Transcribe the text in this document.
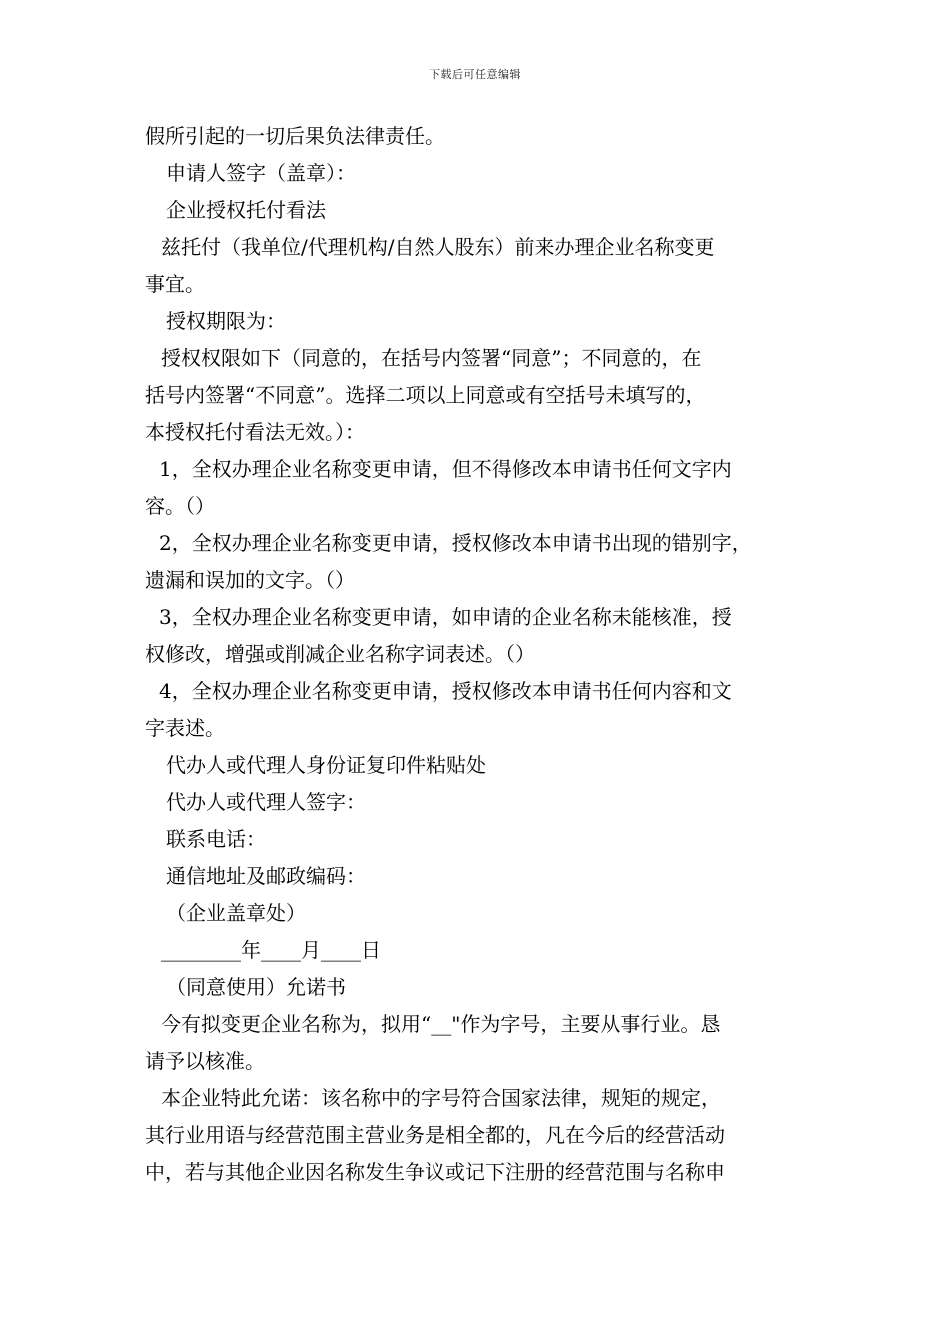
下载后可任意编辑
假所引起的一切后果负法律责任。
申请人签字（盖章）：
企业授权托付看法
兹托付（我单位/代理机构/自然人股东）前来办理企业名称变更
事宜。
授权期限为：
授权权限如下（同意的，在括号内签署“同意”；不同意的，在
括号内签署“不同意”。选择二项以上同意或有空括号未填写的，
本授权托付看法无效。）：
1，全权办理企业名称变更申请，但不得修改本申请书任何文字内
容。（）
2，全权办理企业名称变更申请，授权修改本申请书出现的错别字，
遗漏和误加的文字。（）
3，全权办理企业名称变更申请，如申请的企业名称未能核准，授
权修改，增强或削减企业名称字词表述。（）
4，全权办理企业名称变更申请，授权修改本申请书任何内容和文
字表述。
代办人或代理人身份证复印件粘贴处
代办人或代理人签字：
联系电话：
通信地址及邮政编码：
（企业盖章处）
________年____月____日
（同意使用）允诺书
今有拟变更企业名称为，拟用“__"作为字号，主要从事行业。恳
请予以核准。
本企业特此允诺：该名称中的字号符合国家法律，规矩的规定，
其行业用语与经营范围主营业务是相全都的，凡在今后的经营活动
中，若与其他企业因名称发生争议或记下注册的经营范围与名称申
